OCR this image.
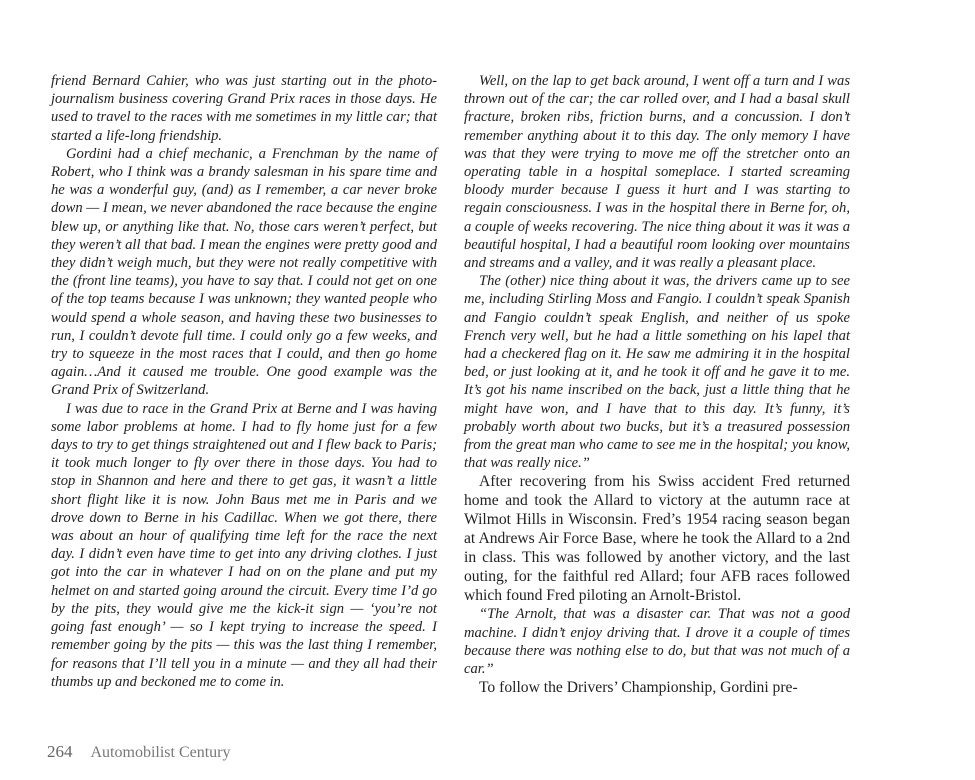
friend Bernard Cahier, who was just starting out in the photo-journalism business covering Grand Prix races in those days. He used to travel to the races with me sometimes in my little car; that started a life-long friendship.

Gordini had a chief mechanic, a Frenchman by the name of Robert, who I think was a brandy salesman in his spare time and he was a wonderful guy, (and) as I remember, a car never broke down — I mean, we never abandoned the race because the engine blew up, or anything like that. No, those cars weren’t perfect, but they weren’t all that bad. I mean the engines were pretty good and they didn’t weigh much, but they were not really competitive with the (front line teams), you have to say that. I could not get on one of the top teams because I was unknown; they wanted people who would spend a whole season, and having these two businesses to run, I couldn’t devote full time. I could only go a few weeks, and try to squeeze in the most races that I could, and then go home again…And it caused me trouble. One good example was the Grand Prix of Switzerland.

I was due to race in the Grand Prix at Berne and I was having some labor problems at home. I had to fly home just for a few days to try to get things straightened out and I flew back to Paris; it took much longer to fly over there in those days. You had to stop in Shannon and here and there to get gas, it wasn’t a little short flight like it is now. John Baus met me in Paris and we drove down to Berne in his Cadillac. When we got there, there was about an hour of qualifying time left for the race the next day. I didn’t even have time to get into any driving clothes. I just got into the car in whatever I had on on the plane and put my helmet on and started going around the circuit. Every time I’d go by the pits, they would give me the kick-it sign — ‘you’re not going fast enough’ — so I kept trying to increase the speed. I remember going by the pits — this was the last thing I remember, for reasons that I’ll tell you in a minute — and they all had their thumbs up and beckoned me to come in.

Well, on the lap to get back around, I went off a turn and I was thrown out of the car; the car rolled over, and I had a basal skull fracture, broken ribs, friction burns, and a concussion. I don’t remember anything about it to this day. The only memory I have was that they were trying to move me off the stretcher onto an operating table in a hospital someplace. I started screaming bloody murder because I guess it hurt and I was starting to regain consciousness. I was in the hospital there in Berne for, oh, a couple of weeks recovering. The nice thing about it was it was a beautiful hospital, I had a beautiful room looking over mountains and streams and a valley, and it was really a pleasant place.

The (other) nice thing about it was, the drivers came up to see me, including Stirling Moss and Fangio. I couldn’t speak Spanish and Fangio couldn’t speak English, and neither of us spoke French very well, but he had a little something on his lapel that had a checkered flag on it. He saw me admiring it in the hospital bed, or just looking at it, and he took it off and he gave it to me. It’s got his name inscribed on the back, just a little thing that he might have won, and I have that to this day. It’s funny, it’s probably worth about two bucks, but it’s a treasured possession from the great man who came to see me in the hospital; you know, that was really nice.”

After recovering from his Swiss accident Fred returned home and took the Allard to victory at the autumn race at Wilmot Hills in Wisconsin. Fred’s 1954 racing season began at Andrews Air Force Base, where he took the Allard to a 2nd in class. This was followed by another victory, and the last outing, for the faithful red Allard; four AFB races followed which found Fred piloting an Arnolt-Bristol.

“The Arnolt, that was a disaster car. That was not a good machine. I didn’t enjoy driving that. I drove it a couple of times because there was nothing else to do, but that was not much of a car.”

To follow the Drivers’ Championship, Gordini pre-

264 Automobilist Century
